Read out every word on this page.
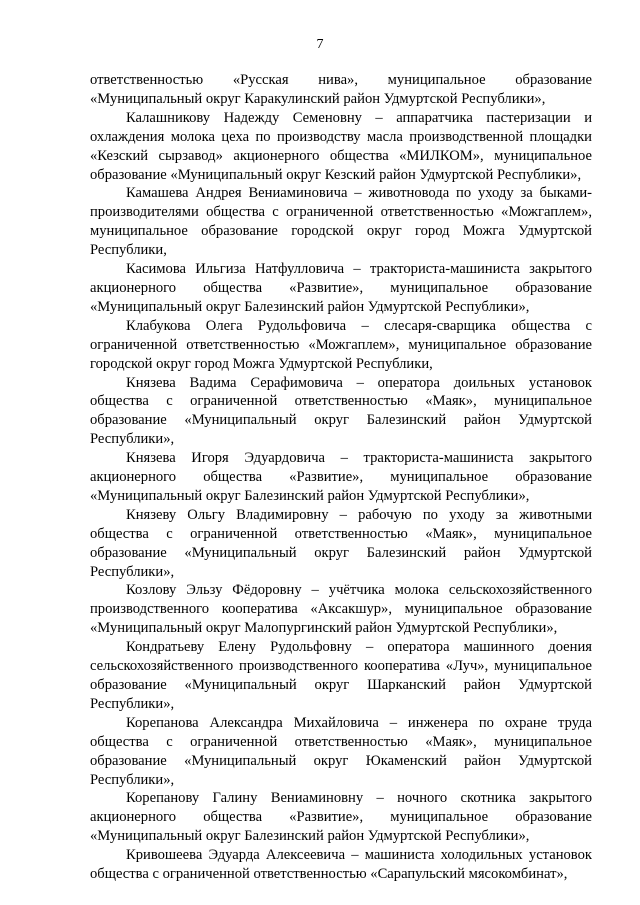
7

ответственностью «Русская нива», муниципальное образование «Муниципальный округ Каракулинский район Удмуртской Республики»,

Калашникову Надежду Семеновну – аппаратчика пастеризации и охлаждения молока цеха по производству масла производственной площадки «Кезский сырзавод» акционерного общества «МИЛКОМ», муниципальное образование «Муниципальный округ Кезский район Удмуртской Республики»,

Камашева Андрея Вениаминовича – животновода по уходу за быками-производителями общества с ограниченной ответственностью «Можгаплем», муниципальное образование городской округ город Можга Удмуртской Республики,

Касимова Ильгиза Натфулловича – тракториста-машиниста закрытого акционерного общества «Развитие», муниципальное образование «Муниципальный округ Балезинский район Удмуртской Республики»,

Клабукова Олега Рудольфовича – слесаря-сварщика общества с ограниченной ответственностью «Можгаплем», муниципальное образование городской округ город Можга Удмуртской Республики,

Князева Вадима Серафимовича – оператора доильных установок общества с ограниченной ответственностью «Маяк», муниципальное образование «Муниципальный округ Балезинский район Удмуртской Республики»,

Князева Игоря Эдуардовича – тракториста-машиниста закрытого акционерного общества «Развитие», муниципальное образование «Муниципальный округ Балезинский район Удмуртской Республики»,

Князеву Ольгу Владимировну – рабочую по уходу за животными общества с ограниченной ответственностью «Маяк», муниципальное образование «Муниципальный округ Балезинский район Удмуртской Республики»,

Козлову Эльзу Фёдоровну – учётчика молока сельскохозяйственного производственного кооператива «Аксакшур», муниципальное образование «Муниципальный округ Малопургинский район Удмуртской Республики»,

Кондратьеву Елену Рудольфовну – оператора машинного доения сельскохозяйственного производственного кооператива «Луч», муниципальное образование «Муниципальный округ Шарканский район Удмуртской Республики»,

Корепанова Александра Михайловича – инженера по охране труда общества с ограниченной ответственностью «Маяк», муниципальное образование «Муниципальный округ Юкаменский район Удмуртской Республики»,

Корепанову Галину Вениаминовну – ночного скотника закрытого акционерного общества «Развитие», муниципальное образование «Муниципальный округ Балезинский район Удмуртской Республики»,

Кривошеева Эдуарда Алексеевича – машиниста холодильных установок общества с ограниченной ответственностью «Сарапульский мясокомбинат»,
